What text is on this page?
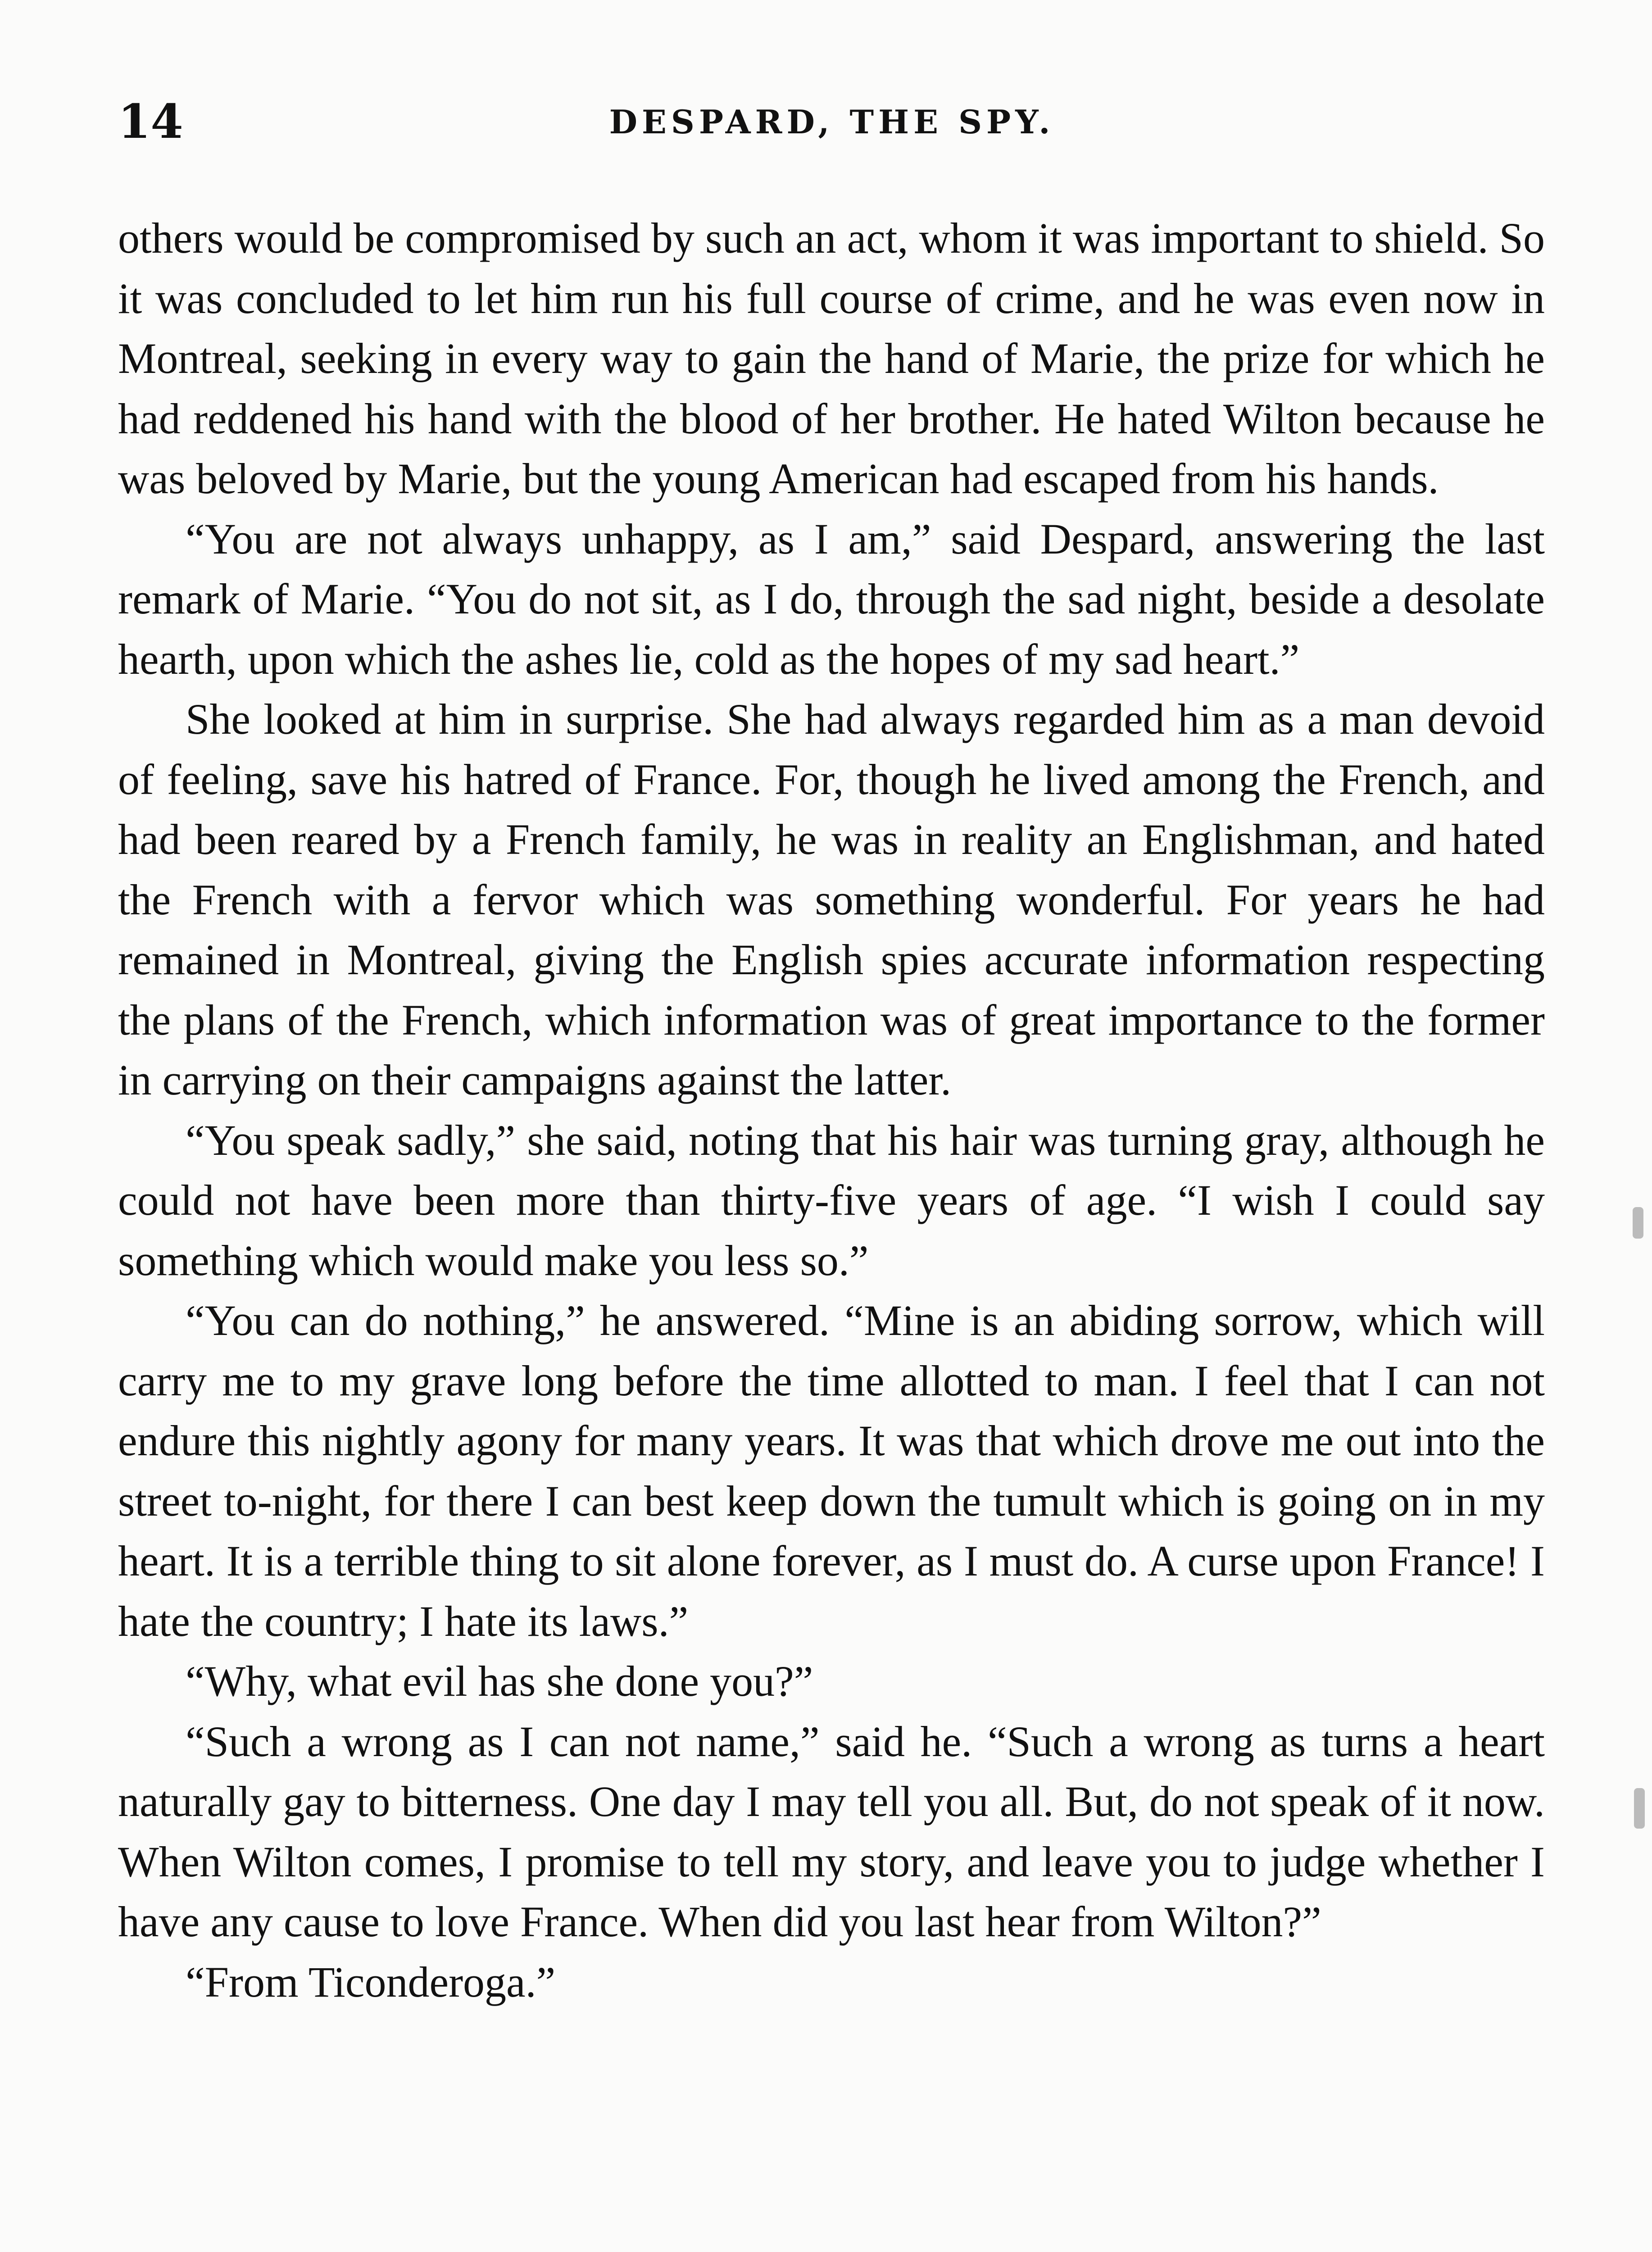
14	DESPARD, THE SPY.

others would be compromised by such an act, whom it was important to shield. So it was concluded to let him run his full course of crime, and he was even now in Montreal, seeking in every way to gain the hand of Marie, the prize for which he had reddened his hand with the blood of her brother. He hated Wilton because he was beloved by Marie, but the young American had escaped from his hands.

“You are not always unhappy, as I am,” said Despard, answering the last remark of Marie. “You do not sit, as I do, through the sad night, beside a desolate hearth, upon which the ashes lie, cold as the hopes of my sad heart.”

She looked at him in surprise. She had always regarded him as a man devoid of feeling, save his hatred of France. For, though he lived among the French, and had been reared by a French family, he was in reality an Englishman, and hated the French with a fervor which was something wonderful. For years he had remained in Montreal, giving the English spies accurate information respecting the plans of the French, which information was of great importance to the former in carrying on their campaigns against the latter.

“You speak sadly,” she said, noting that his hair was turning gray, although he could not have been more than thirty-five years of age. “I wish I could say something which would make you less so.”

“You can do nothing,” he answered. “Mine is an abiding sorrow, which will carry me to my grave long before the time allotted to man. I feel that I can not endure this nightly agony for many years. It was that which drove me out into the street to-night, for there I can best keep down the tumult which is going on in my heart. It is a terrible thing to sit alone forever, as I must do. A curse upon France! I hate the country; I hate its laws.”

“Why, what evil has she done you?”

“Such a wrong as I can not name,” said he. “Such a wrong as turns a heart naturally gay to bitterness. One day I may tell you all. But, do not speak of it now. When Wilton comes, I promise to tell my story, and leave you to judge whether I have any cause to love France. When did you last hear from Wilton?”

“From Ticonderoga.”
